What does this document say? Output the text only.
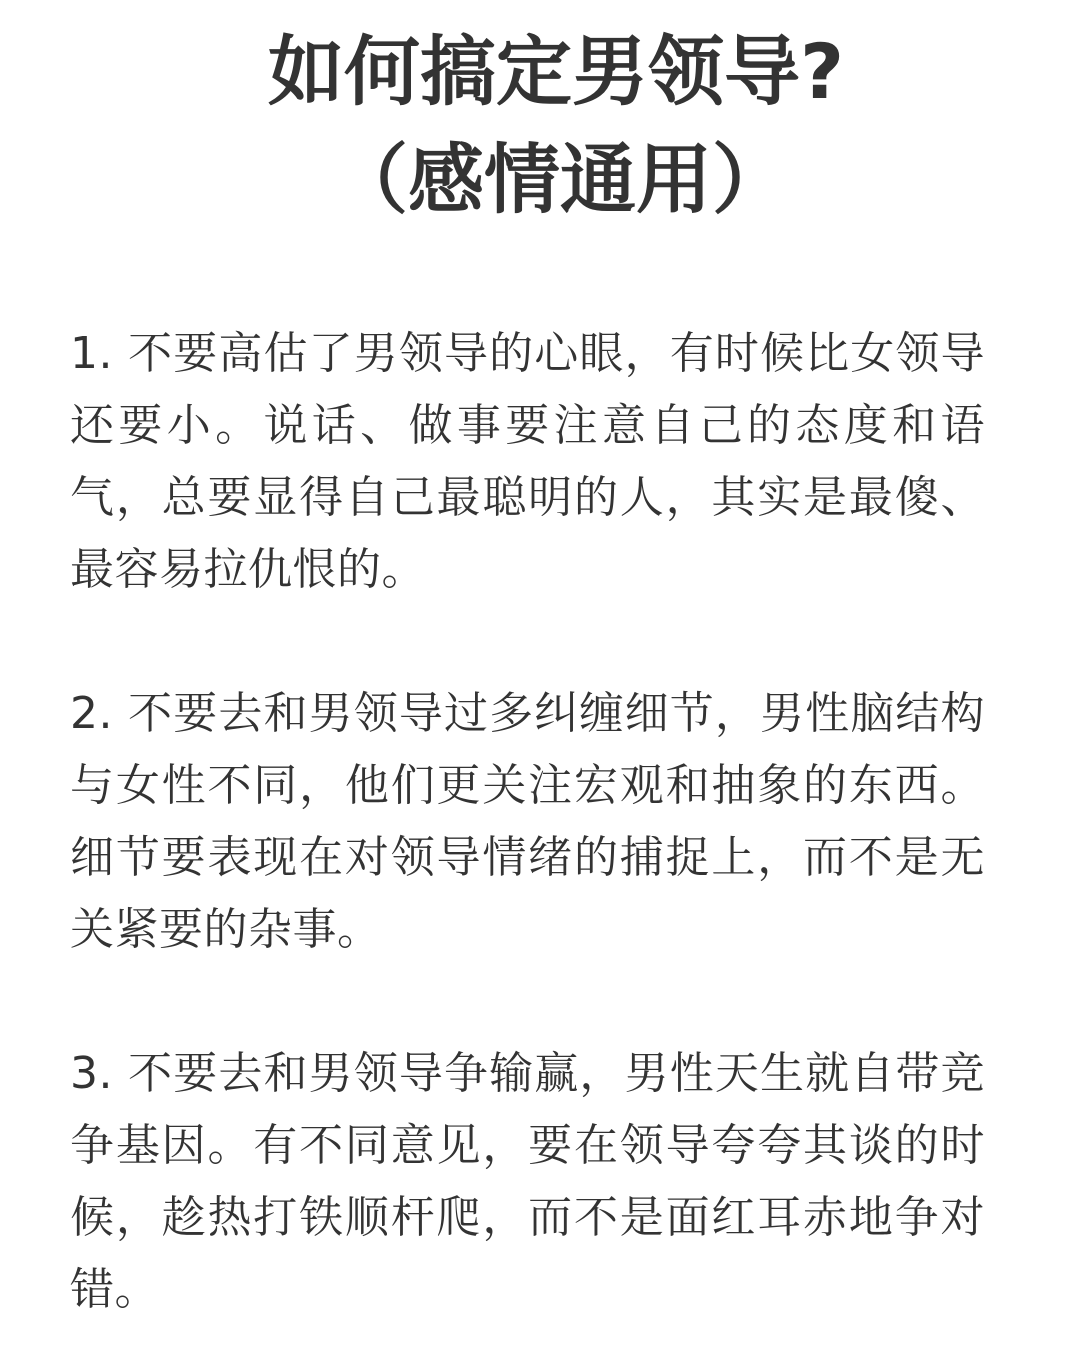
如何搞定男领导?
（感情通用）

1. 不要高估了男领导的心眼，有时候比女领导还要小。说话、做事要注意自己的态度和语气，总要显得自己最聪明的人，其实是最傻、最容易拉仇恨的。

2. 不要去和男领导过多纠缠细节，男性脑结构与女性不同，他们更关注宏观和抽象的东西。细节要表现在对领导情绪的捕捉上，而不是无关紧要的杂事。

3. 不要去和男领导争输赢，男性天生就自带竞争基因。有不同意见，要在领导夸夸其谈的时候，趁热打铁顺杆爬，而不是面红耳赤地争对错。
